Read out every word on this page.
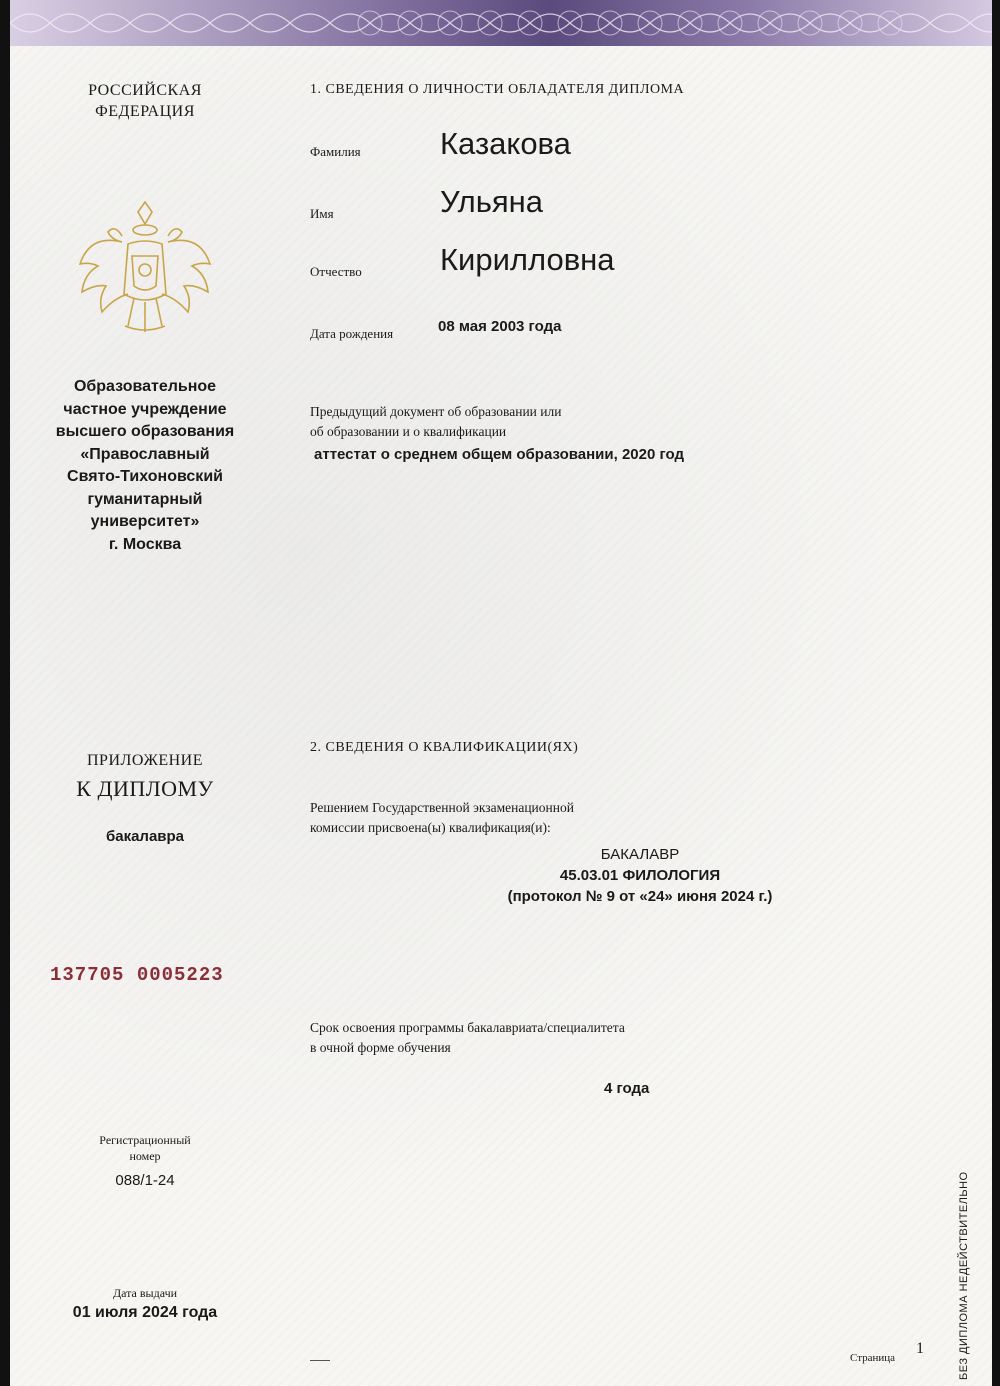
РОССИЙСКАЯ
ФЕДЕРАЦИЯ
Образовательное
частное учреждение
высшего образования
«Православный
Свято-Тихоновский
гуманитарный
университет»
г. Москва
ПРИЛОЖЕНИЕ
К ДИПЛОМУ
бакалавра
137705 0005223
Регистрационный
номер
088/1-24
Дата выдачи
01 июля 2024 года
1. СВЕДЕНИЯ О ЛИЧНОСТИ ОБЛАДАТЕЛЯ ДИПЛОМА
Фамилия	Казакова
Имя	Ульяна
Отчество	Кирилловна
Дата рождения	08 мая 2003 года
Предыдущий документ об образовании или
об образовании и о квалификации
аттестат о среднем общем образовании, 2020 год
2. СВЕДЕНИЯ О КВАЛИФИКАЦИИ(ЯХ)
Решением Государственной экзаменационной
комиссии присвоена(ы) квалификация(и):
БАКАЛАВР
45.03.01 ФИЛОЛОГИЯ
(протокол № 9 от «24» июня 2024 г.)
Срок освоения программы бакалавриата/специалитета
в очной форме обучения
4 года
БЕЗ ДИПЛОМА НЕДЕЙСТВИТЕЛЬНО
Страница
1
